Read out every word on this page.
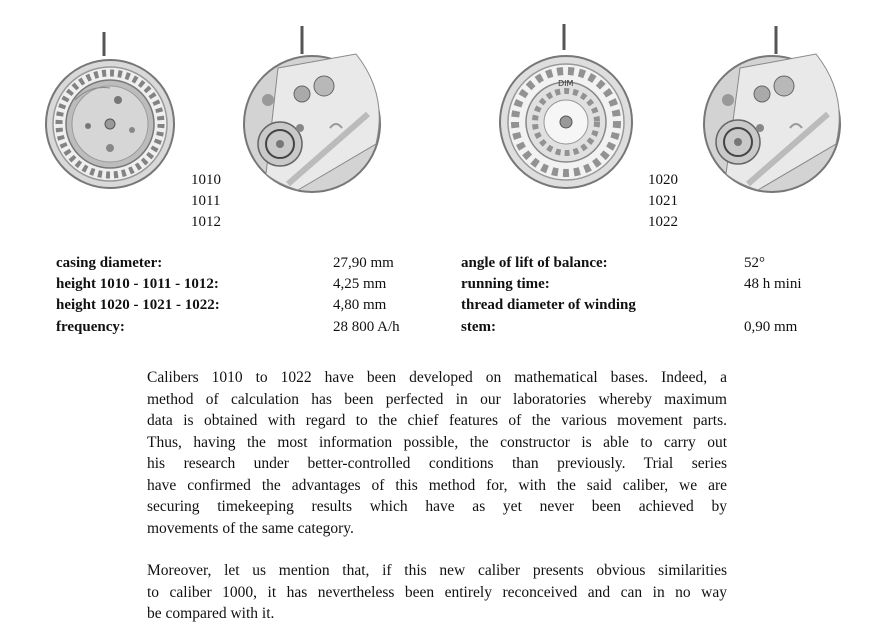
DIM
1010
1011
1012
1020
1021
1022
casing diameter:
height 1010 - 1011 - 1012:
height 1020 - 1021 - 1022:
frequency:
27,90 mm
4,25 mm
4,80 mm
28 800 A/h
angle of lift of balance:
running time:
thread diameter of winding
stem:
52°
48 h mini
0,90 mm
Calibers 1010 to 1022 have been developed on mathematical bases. Indeed, a
method of calculation has been perfected in our laboratories whereby maximum
data is obtained with regard to the chief features of the various movement parts.
Thus, having the most information possible, the constructor is able to carry out
his research under better-controlled conditions than previously. Trial series
have confirmed the advantages of this method for, with the said caliber, we are
securing timekeeping results which have as yet never been achieved by
movements of the same category.
Moreover, let us mention that, if this new caliber presents obvious similarities
to caliber 1000, it has nevertheless been entirely reconceived and can in no way
be compared with it.
